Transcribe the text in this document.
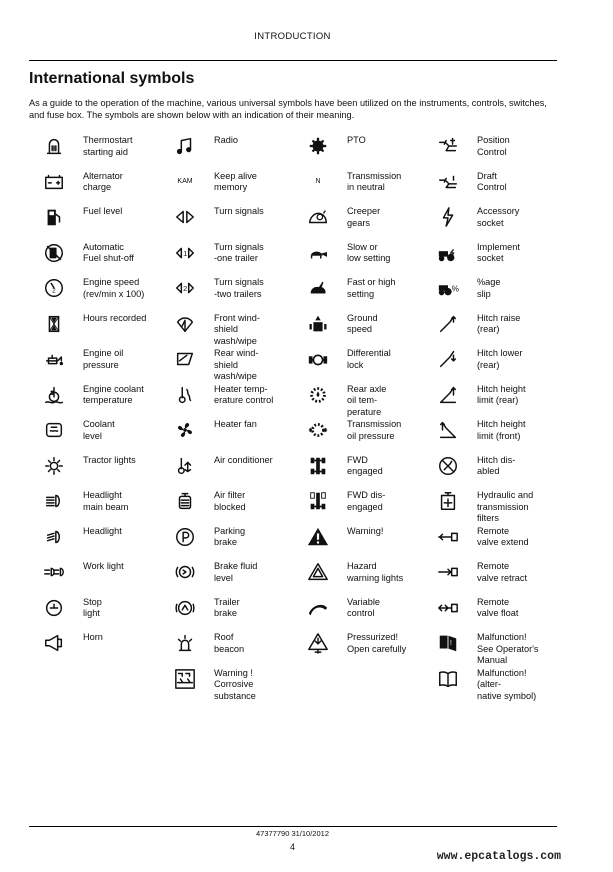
INTRODUCTION
International symbols
As a guide to the operation of the machine, various universal symbols have been utilized on the instruments, controls, switches, and fuse box. The symbols are shown below with an indication of their meaning.
Thermostart
starting aid
Alternator
charge
Fuel level
Automatic
Fuel shut-off
2
Engine speed
(rev/min x 100)
Hours recorded
Engine oil
pressure
Engine coolant
temperature
Coolant
level
Tractor lights
Headlight
main beam
Headlight
Work light
Stop
light
Horn
Radio
KAM
Keep alive
memory
Turn signals
1
Turn signals
-one trailer
2
Turn signals
-two trailers
Front wind-
shield
wash/wipe
Rear wind-
shield
wash/wipe
Heater temp-
erature control
Heater fan
Air conditioner
Air filter
blocked
Parking
brake
Brake fluid
level
Trailer
brake
Roof
beacon
Warning !
Corrosive
substance
PTO
N
Transmission
in neutral
Creeper
gears
Slow or
low setting
Fast or high
setting
Ground
speed
Differential
lock
Rear axle
oil tem-
perature
Transmission
oil pressure
FWD
engaged
FWD dis-
engaged
Warning!
Hazard
warning lights
Variable
control
Pressurized!
Open carefully
Position
Control
Draft
Control
Accessory
socket
Implement
socket
%
%age
slip
Hitch raise
(rear)
Hitch lower
(rear)
Hitch height
limit (rear)
Hitch height
limit (front)
Hitch dis-
abled
Hydraulic and
transmission
filters
Remote
valve extend
Remote
valve retract
Remote
valve float
!
Malfunction!
See Operator's
Manual
Malfunction!
(alter-
native symbol)
47377790 31/10/2012
4
www.epcatalogs.com
